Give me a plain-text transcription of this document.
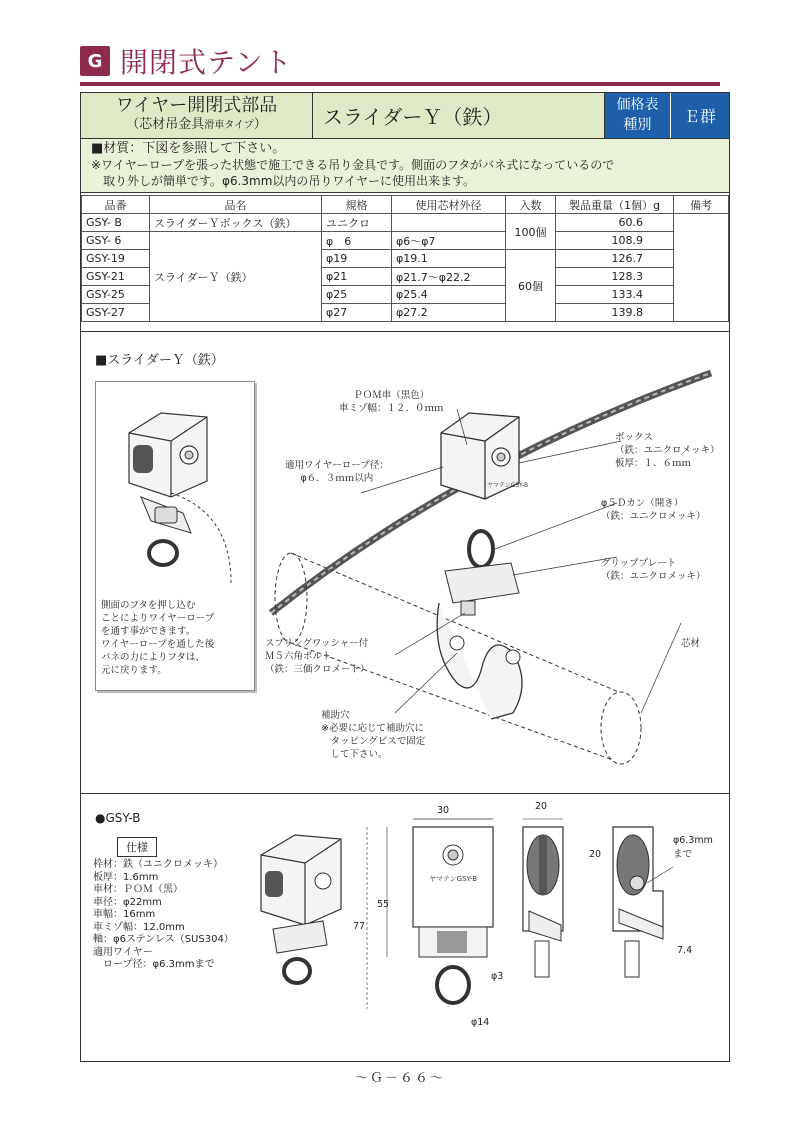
G 開閉式テント
ワイヤー開閉式部品
（芯材吊金具滑車タイプ）	スライダーＹ（鉄）	価格表
種別	Ｅ群
■材質：下図を参照して下さい。
※ワイヤーロープを張った状態で施工できる吊り金具です。側面のフタがバネ式になっているので
取り外しが簡単です。φ6.3mm以内の吊りワイヤーに使用出来ます。
品番	品名	規格	使用芯材外径	入数	製品重量（1個）g	備考
GSY- B	スライダーＹボックス（鉄）	ユニクロ		100個	60.6	
GSY- 6	スライダーＹ（鉄）	φ　6	φ6～φ7		108.9	
GSY-19		φ19	φ19.1	60個	126.7	
GSY-21		φ21	φ21.7～φ22.2		128.3	
GSY-25		φ25	φ25.4		133.4	
GSY-27		φ27	φ27.2		139.8	
■スライダーＹ（鉄）
側面のフタを押し込む
ことによりワイヤーロープ
を通す事ができます。
ワイヤーロープを通した後
バネの力によりフタは、
元に戻ります。
ヤマテンGSY-B
ＰＯＭ車（黒色）
車ミゾ幅：１２．０ｍｍ
適用ワイヤーロープ径：
φ６．３ｍｍ以内
ボックス
（鉄：ユニクロメッキ）
板厚：１．６ｍｍ
φ５Ｄカン（開き）
（鉄：ユニクロメッキ）
グリッププレート
（鉄：ユニクロメッキ）
芯材
スプリングワッシャー付
Ｍ５六角ボルト
（鉄：三価クロメート）
補助穴
※必要に応じて補助穴に
　タッピングビスで固定
　して下さい。
●GSY-B
仕様
枠材：鉄（ユニクロメッキ）
板厚：1.6mm
車材：ＰＯＭ（黒）
車径：φ22mm
車幅：16mm
車ミゾ幅：12.0mm
軸：φ6ステンレス（SUS304）
適用ワイヤー
　ロープ径：φ6.3mmまで
ヤマテンGSY-B
30
55
77
φ3
φ14
20
20
φ6.3mm
まで
7.4
～Ｇ－６６～
